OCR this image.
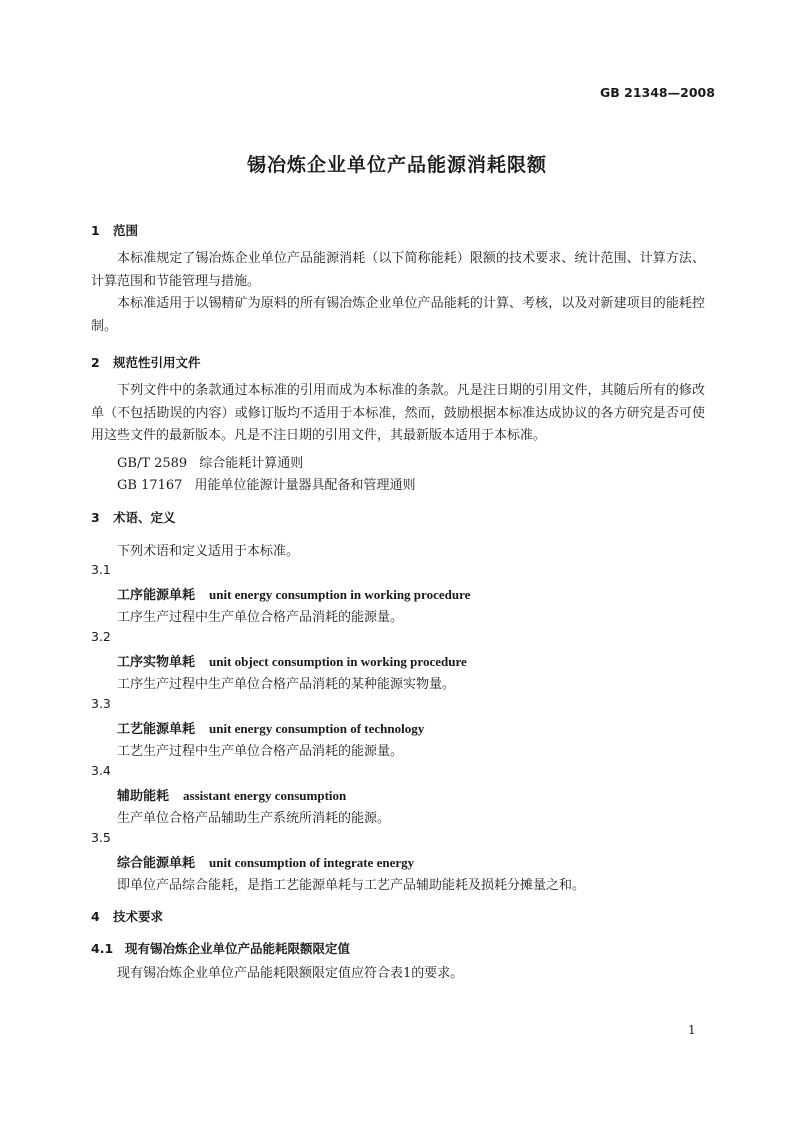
GB 21348—2008
锡冶炼企业单位产品能源消耗限额
1 范围
本标准规定了锡冶炼企业单位产品能源消耗（以下简称能耗）限额的技术要求、统计范围、计算方法、计算范围和节能管理与措施。
本标准适用于以锡精矿为原料的所有锡冶炼企业单位产品能耗的计算、考核，以及对新建项目的能耗控制。
2 规范性引用文件
下列文件中的条款通过本标准的引用而成为本标准的条款。凡是注日期的引用文件，其随后所有的修改单（不包括勘误的内容）或修订版均不适用于本标准，然而，鼓励根据本标准达成协议的各方研究是否可使用这些文件的最新版本。凡是不注日期的引用文件，其最新版本适用于本标准。
GB/T 2589 综合能耗计算通则
GB 17167 用能单位能源计量器具配备和管理通则
3 术语、定义
下列术语和定义适用于本标准。
3.1
工序能源单耗 unit energy consumption in working procedure
工序生产过程中生产单位合格产品消耗的能源量。
3.2
工序实物单耗 unit object consumption in working procedure
工序生产过程中生产单位合格产品消耗的某种能源实物量。
3.3
工艺能源单耗 unit energy consumption of technology
工艺生产过程中生产单位合格产品消耗的能源量。
3.4
辅助能耗 assistant energy consumption
生产单位合格产品辅助生产系统所消耗的能源。
3.5
综合能源单耗 unit consumption of integrate energy
即单位产品综合能耗，是指工艺能源单耗与工艺产品辅助能耗及损耗分摊量之和。
4 技术要求
4.1 现有锡冶炼企业单位产品能耗限额限定值
现有锡冶炼企业单位产品能耗限额限定值应符合表1的要求。
1
